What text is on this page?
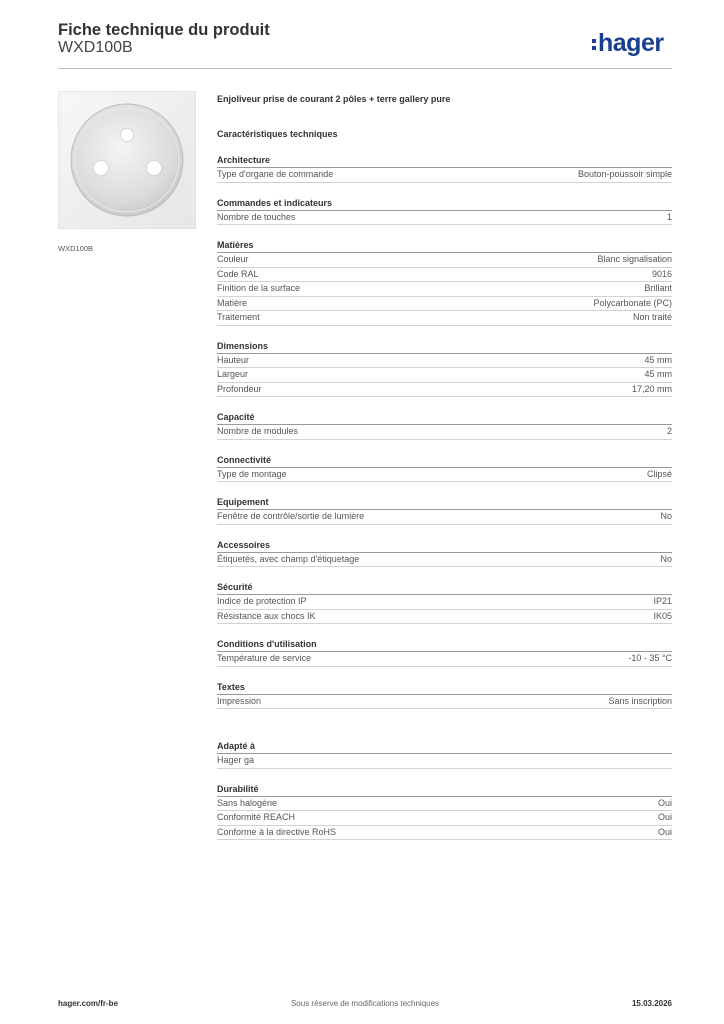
Fiche technique du produit
WXD100B	hager
WXD100B
Enjoliveur prise de courant 2 pôles + terre gallery pure
Caractéristiques techniques
Architecture
Type d'organe de commande	Bouton-poussoir simple
Commandes et indicateurs
Nombre de touches	1
Matières
Couleur	Blanc signalisation
Code RAL	9016
Finition de la surface	Brillant
Matière	Polycarbonate (PC)
Traitement	Non traité
Dimensions
Hauteur	45 mm
Largeur	45 mm
Profondeur	17,20 mm
Capacité
Nombre de modules	2
Connectivité
Type de montage	Clipsé
Equipement
Fenêtre de contrôle/sortie de lumière	No
Accessoires
Étiquetés, avec champ d'étiquetage	No
Sécurité
Indice de protection IP	IP21
Résistance aux chocs IK	IK05
Conditions d'utilisation
Température de service	-10 - 35 °C
Textes
Impression	Sans inscription
Adapté à
Hager ga
Durabilité
Sans halogène	Oui
Conformité REACH	Oui
Conforme à la directive RoHS	Oui
hager.com/fr-be	Sous réserve de modifications techniques	15.03.2026
